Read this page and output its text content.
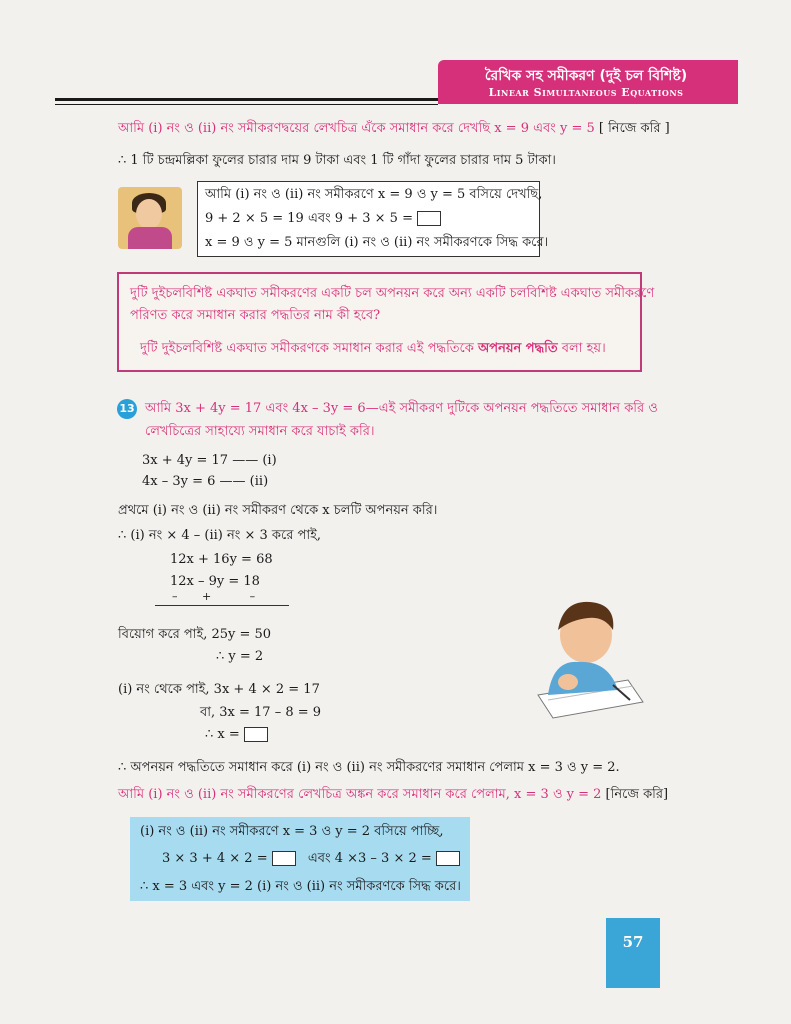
রৈখিক সহ সমীকরণ (দুই চল বিশিষ্ট)
Linear Simultaneous Equations
আমি (i) নং ও (ii) নং সমীকরণদ্বয়ের লেখচিত্র এঁকে সমাধান করে দেখছি x = 9 এবং y = 5 [ নিজে করি ]
∴ 1 টি চন্দ্রমল্লিকা ফুলের চারার দাম 9 টাকা এবং 1 টি গাঁদা ফুলের চারার দাম 5 টাকা।
আমি (i) নং ও (ii) নং সমীকরণে x = 9 ও y = 5 বসিয়ে দেখছি,
9 + 2 × 5 = 19 এবং 9 + 3 × 5 =
x = 9 ও y = 5 মানগুলি (i) নং ও (ii) নং সমীকরণকে সিদ্ধ করে।
দুটি দুইচলবিশিষ্ট একঘাত সমীকরণের একটি চল অপনয়ন করে অন্য একটি চলবিশিষ্ট একঘাত সমীকরণে
পরিণত করে সমাধান করার পদ্ধতির নাম কী হবে?
দুটি দুইচলবিশিষ্ট একঘাত সমীকরণকে সমাধান করার এই পদ্ধতিকে অপনয়ন পদ্ধতি বলা হয়।
13 আমি 3x + 4y = 17 এবং 4x – 3y = 6—এই সমীকরণ দুটিকে অপনয়ন পদ্ধতিতে সমাধান করি ও
লেখচিত্রের সাহায্যে সমাধান করে যাচাই করি।
3x + 4y = 17 —— (i)
4x – 3y = 6 —— (ii)
প্রথমে (i) নং ও (ii) নং সমীকরণ থেকে x চলটি অপনয়ন করি।
∴ (i) নং × 4 – (ii) নং × 3 করে পাই,
12x + 16y = 68
12x – 9y = 18
–       +           –
বিয়োগ করে পাই, 25y = 50
∴ y = 2
(i) নং থেকে পাই, 3x + 4 × 2 = 17
বা, 3x = 17 – 8 = 9
∴ x =
∴ অপনয়ন পদ্ধতিতে সমাধান করে (i) নং ও (ii) নং সমীকরণের সমাধান পেলাম x = 3 ও y = 2.
আমি (i) নং ও (ii) নং সমীকরণের লেখচিত্র অঙ্কন করে সমাধান করে পেলাম, x = 3 ও y = 2 [নিজে করি]
(i) নং ও (ii) নং সমীকরণে x = 3 ও y = 2 বসিয়ে পাচ্ছি,
3 × 3 + 4 × 2 =	এবং 4 ×3 – 3 × 2 =
∴ x = 3 এবং y = 2 (i) নং ও (ii) নং সমীকরণকে সিদ্ধ করে।
57
